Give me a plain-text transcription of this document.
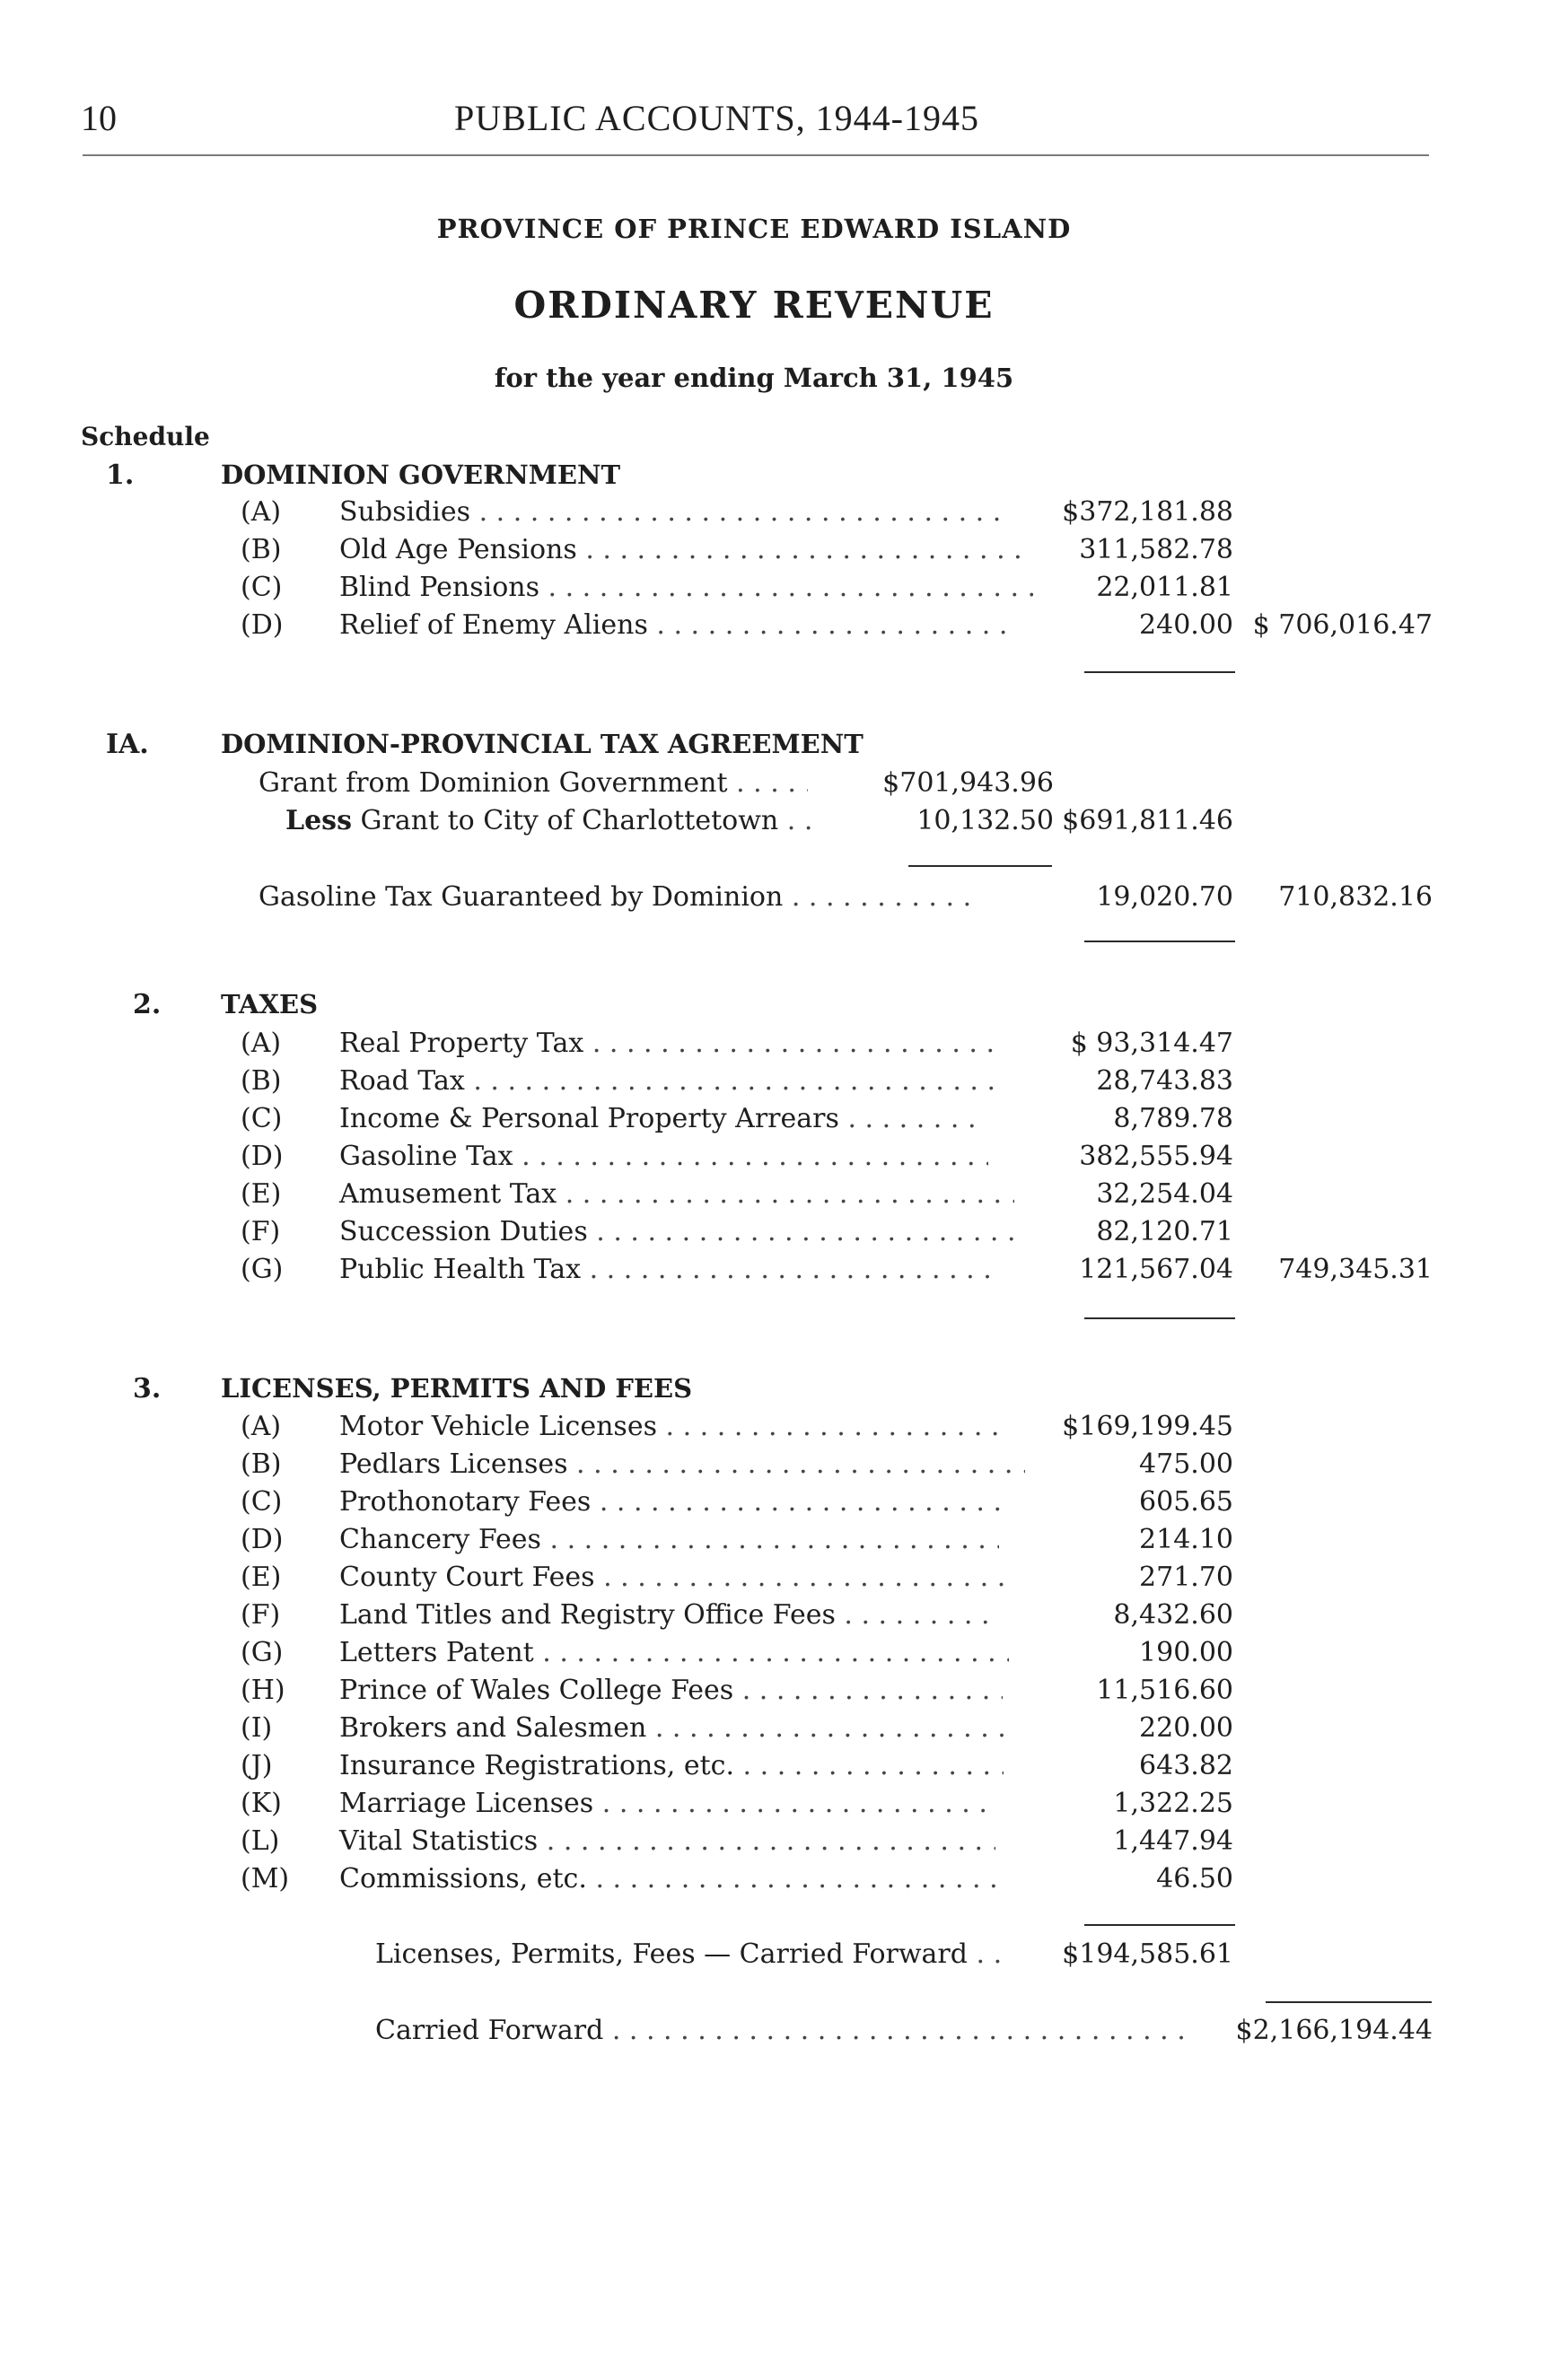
10	PUBLIC ACCOUNTS, 1944-1945
PROVINCE OF PRINCE EDWARD ISLAND
ORDINARY REVENUE
for the year ending March 31, 1945
Schedule
1.	DOMINION GOVERNMENT
(A) Subsidies . . .	$372,181.88
(B) Old Age Pensions . . .	311,582.78
(C) Blind Pensions . . .	22,011.81
(D) Relief of Enemy Aliens . . .	240.00 $ 706,016.47
IA.	DOMINION-PROVINCIAL TAX AGREEMENT
Grant from Dominion Government . . .	$701,943.96
Less Grant to City of Charlottetown . . .	10,132.50 $691,811.46
Gasoline Tax Guaranteed by Dominion . . .	19,020.70 710,832.16
2. TAXES
(A) Real Property Tax . . .	$ 93,314.47
(B) Road Tax . . .	28,743.83
(C) Income & Personal Property Arrears . . .	8,789.78
(D) Gasoline Tax . . .	382,555.94
(E) Amusement Tax . . .	32,254.04
(F) Succession Duties . . .	82,120.71
(G) Public Health Tax . . .	121,567.04 749,345.31
3. LICENSES, PERMITS AND FEES
(A) Motor Vehicle Licenses . . .	$169,199.45
(B) Pedlars Licenses . . .	475.00
(C) Prothonotary Fees . . .	605.65
(D) Chancery Fees . . .	214.10
(E) County Court Fees . . .	271.70
(F) Land Titles and Registry Office Fees . . .	8,432.60
(G) Letters Patent . . .	190.00
(H) Prince of Wales College Fees . . .	11,516.60
(I) Brokers and Salesmen . . .	220.00
(J) Insurance Registrations, etc. . . .	643.82
(K) Marriage Licenses . . .	1,322.25
(L) Vital Statistics . . .	1,447.94
(M) Commissions, etc. . . .	46.50
Licenses, Permits, Fees — Carried Forward . . .	$194,585.61
Carried Forward . . .	$2,166,194.44
